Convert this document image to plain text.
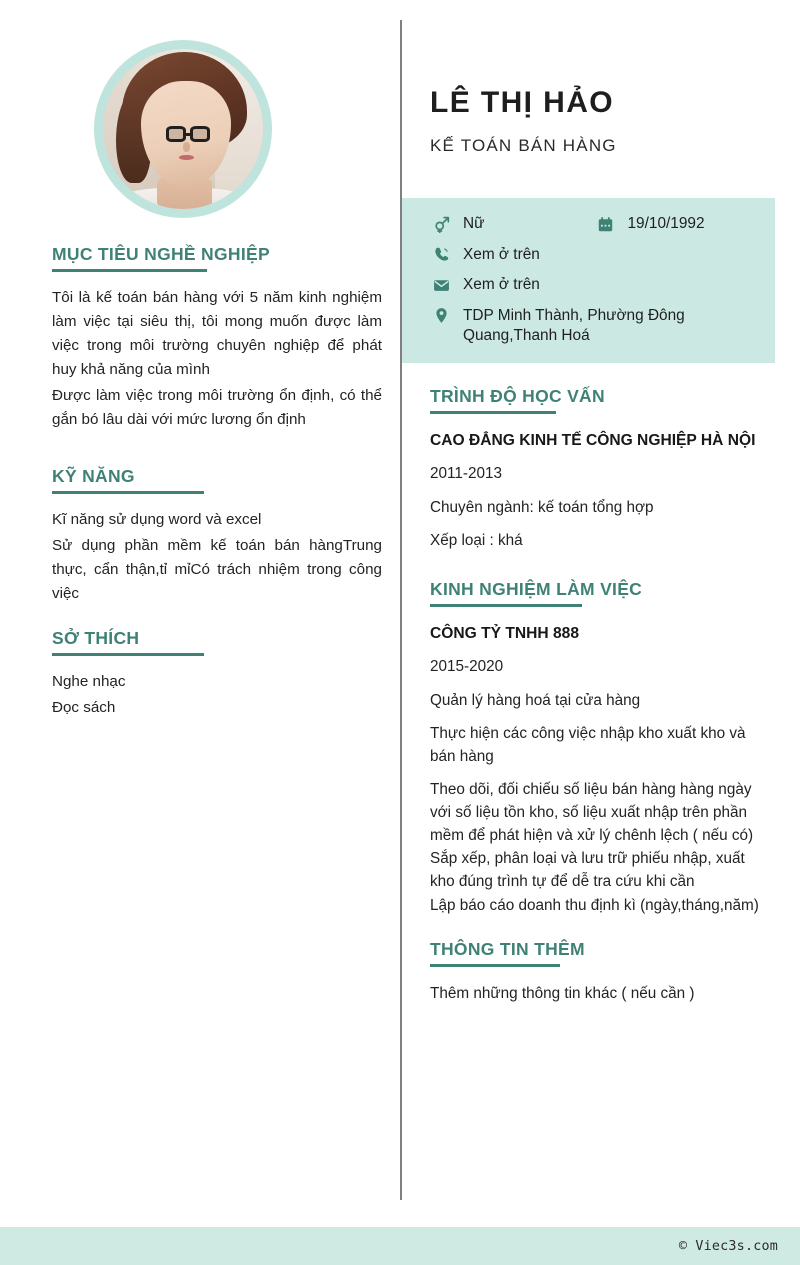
MỤC TIÊU NGHỀ NGHIỆP

Tôi là kế toán bán hàng với 5 năm kinh nghiệm làm việc tại siêu thị, tôi mong muốn được làm việc trong môi trường chuyên nghiệp để phát huy khả năng của mình

Được làm việc trong môi trường ổn định, có thể gắn bó lâu dài với mức lương ổn định

KỸ NĂNG

Kĩ năng sử dụng word và excel

Sử dụng phần mềm kế toán bán hàngTrung thực, cẩn thận,tỉ mỉCó trách nhiệm trong công việc

SỞ THÍCH

Nghe nhạc

Đọc sách

LÊ THỊ HẢO
KẾ TOÁN BÁN HÀNG
Nữ	19/10/1992
Xem ở trên
Xem ở trên
TDP Minh Thành, Phường Đông Quang,Thanh Hoá
TRÌNH ĐỘ HỌC VẤN
CAO ĐẲNG KINH TẾ CÔNG NGHIỆP HÀ NỘI
2011-2013
Chuyên ngành: kế toán tổng hợp
Xếp loại : khá
KINH NGHIỆM LÀM VIỆC
CÔNG TỶ TNHH 888
2015-2020
Quản lý hàng hoá tại cửa hàng
Thực hiện các công việc nhập kho xuất kho và bán hàng
Theo dõi, đối chiếu số liệu bán hàng hàng ngày với số liệu tồn kho, số liệu xuất nhập trên phần mềm để phát hiện và xử lý chênh lệch ( nếu có)
Sắp xếp, phân loại và lưu trữ phiếu nhập, xuất kho đúng trình tự để dễ tra cứu khi cần
Lập báo cáo doanh thu định kì (ngày,tháng,năm)
THÔNG TIN THÊM
Thêm những thông tin khác ( nếu cần )
© Viec3s.com
